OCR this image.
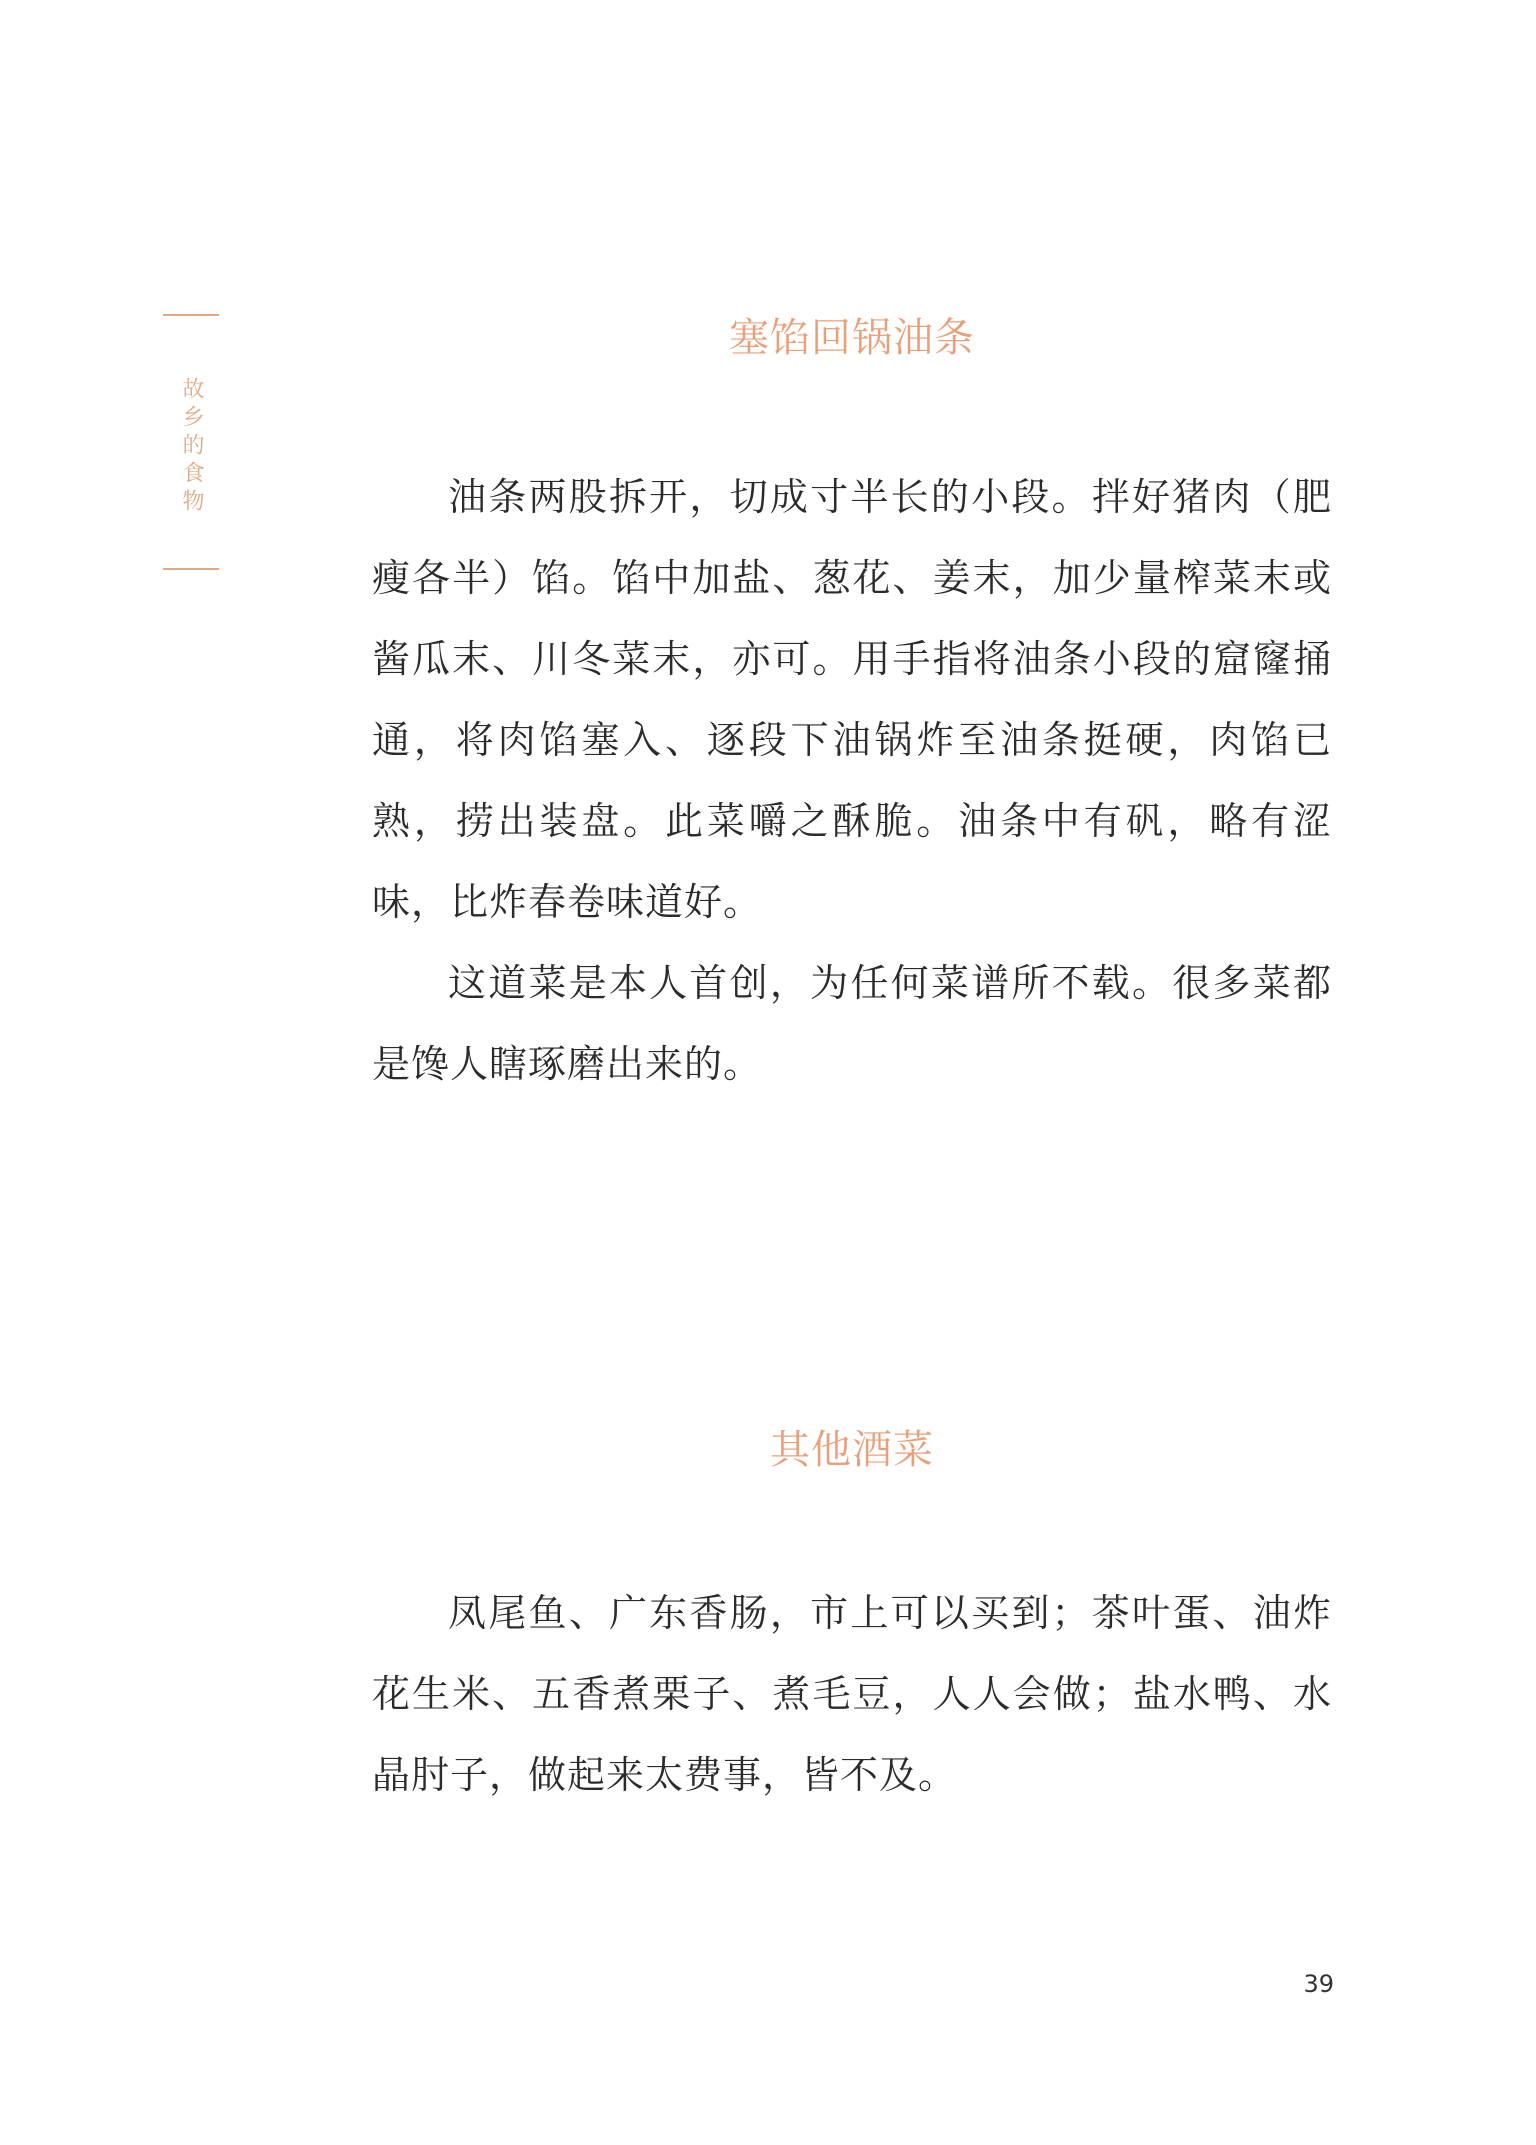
故乡的食物
塞馅回锅油条

油条两股拆开，切成寸半长的小段。拌好猪肉（肥瘦各半）馅。馅中加盐、葱花、姜末，加少量榨菜末或酱瓜末、川冬菜末，亦可。用手指将油条小段的窟窿捅通，将肉馅塞入、逐段下油锅炸至油条挺硬，肉馅已熟，捞出装盘。此菜嚼之酥脆。油条中有矾，略有涩味，比炸春卷味道好。

这道菜是本人首创，为任何菜谱所不载。很多菜都是馋人瞎琢磨出来的。

其他酒菜

凤尾鱼、广东香肠，市上可以买到；茶叶蛋、油炸花生米、五香煮栗子、煮毛豆，人人会做；盐水鸭、水晶肘子，做起来太费事，皆不及。

39
